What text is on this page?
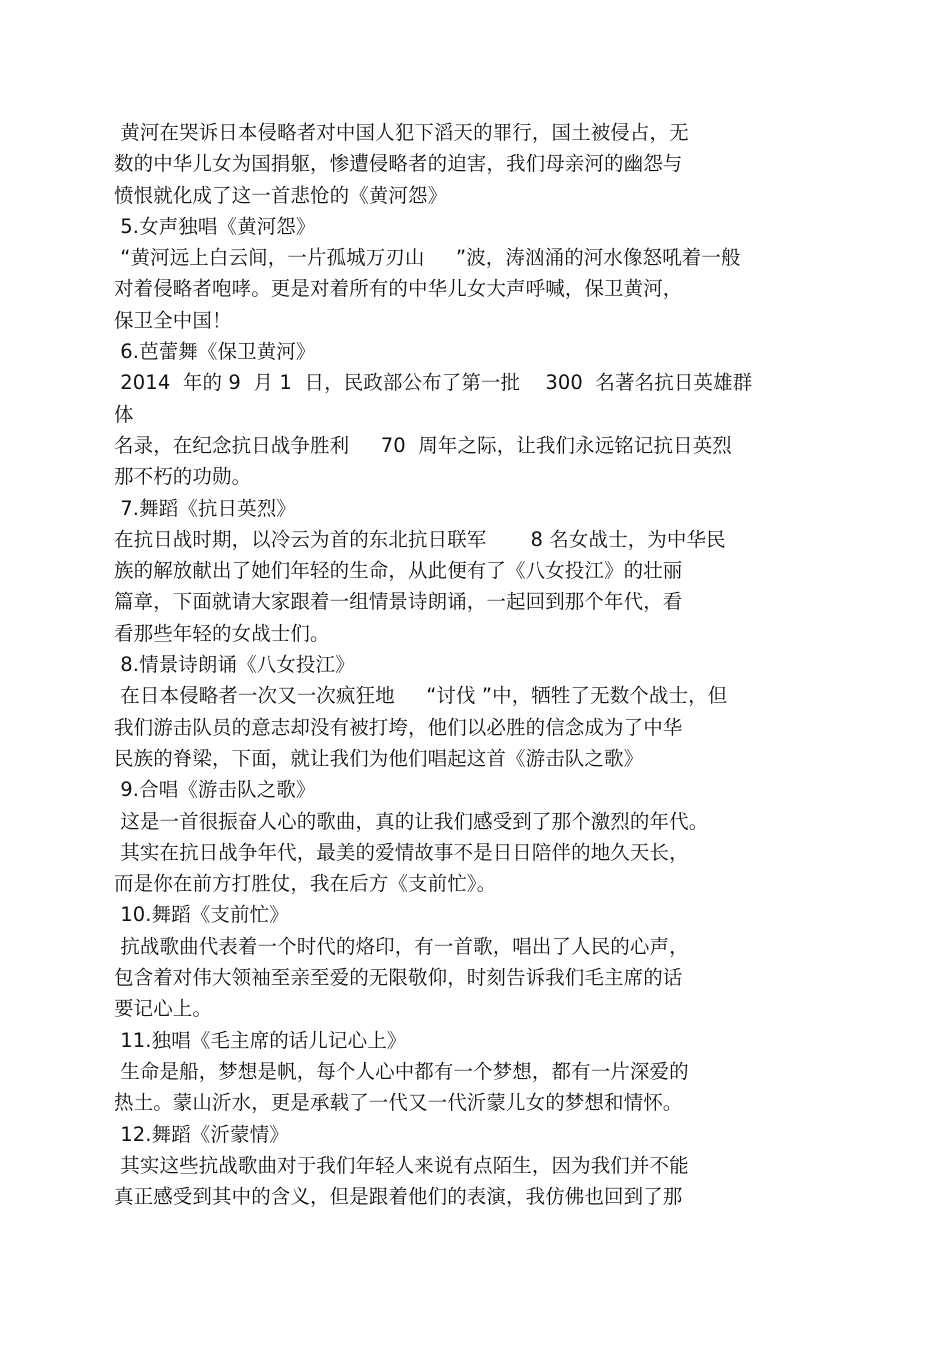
黄河在哭诉日本侵略者对中国人犯下滔天的罪行，国土被侵占，无
数的中华儿女为国捐躯，惨遭侵略者的迫害，我们母亲河的幽怨与
愤恨就化成了这一首悲怆的《黄河怨》
5.女声独唱《黄河怨》
“黄河远上白云间，一片孤城万刃山     ”波，涛汹涌的河水像怒吼着一般
对着侵略者咆哮。更是对着所有的中华儿女大声呼喊，保卫黄河，
保卫全中国！
6.芭蕾舞《保卫黄河》
2014  年的 9  月 1  日，民政部公布了第一批    300  名著名抗日英雄群
体
名录，在纪念抗日战争胜利     70  周年之际，让我们永远铭记抗日英烈
那不朽的功勋。
7.舞蹈《抗日英烈》
在抗日战时期，以冷云为首的东北抗日联军       8 名女战士，为中华民
族的解放献出了她们年轻的生命，从此便有了《八女投江》的壮丽
篇章，下面就请大家跟着一组情景诗朗诵，一起回到那个年代，看
看那些年轻的女战士们。
8.情景诗朗诵《八女投江》
在日本侵略者一次又一次疯狂地     “讨伐 ”中，牺牲了无数个战士，但
我们游击队员的意志却没有被打垮，他们以必胜的信念成为了中华
民族的脊梁，下面，就让我们为他们唱起这首《游击队之歌》
9.合唱《游击队之歌》
这是一首很振奋人心的歌曲，真的让我们感受到了那个激烈的年代。
其实在抗日战争年代，最美的爱情故事不是日日陪伴的地久天长，
而是你在前方打胜仗，我在后方《支前忙》。
10.舞蹈《支前忙》
抗战歌曲代表着一个时代的烙印，有一首歌，唱出了人民的心声，
包含着对伟大领袖至亲至爱的无限敬仰，时刻告诉我们毛主席的话
要记心上。
11.独唱《毛主席的话儿记心上》
生命是船，梦想是帆，每个人心中都有一个梦想，都有一片深爱的
热土。蒙山沂水，更是承载了一代又一代沂蒙儿女的梦想和情怀。
12.舞蹈《沂蒙情》
其实这些抗战歌曲对于我们年轻人来说有点陌生，因为我们并不能
真正感受到其中的含义，但是跟着他们的表演，我仿佛也回到了那
